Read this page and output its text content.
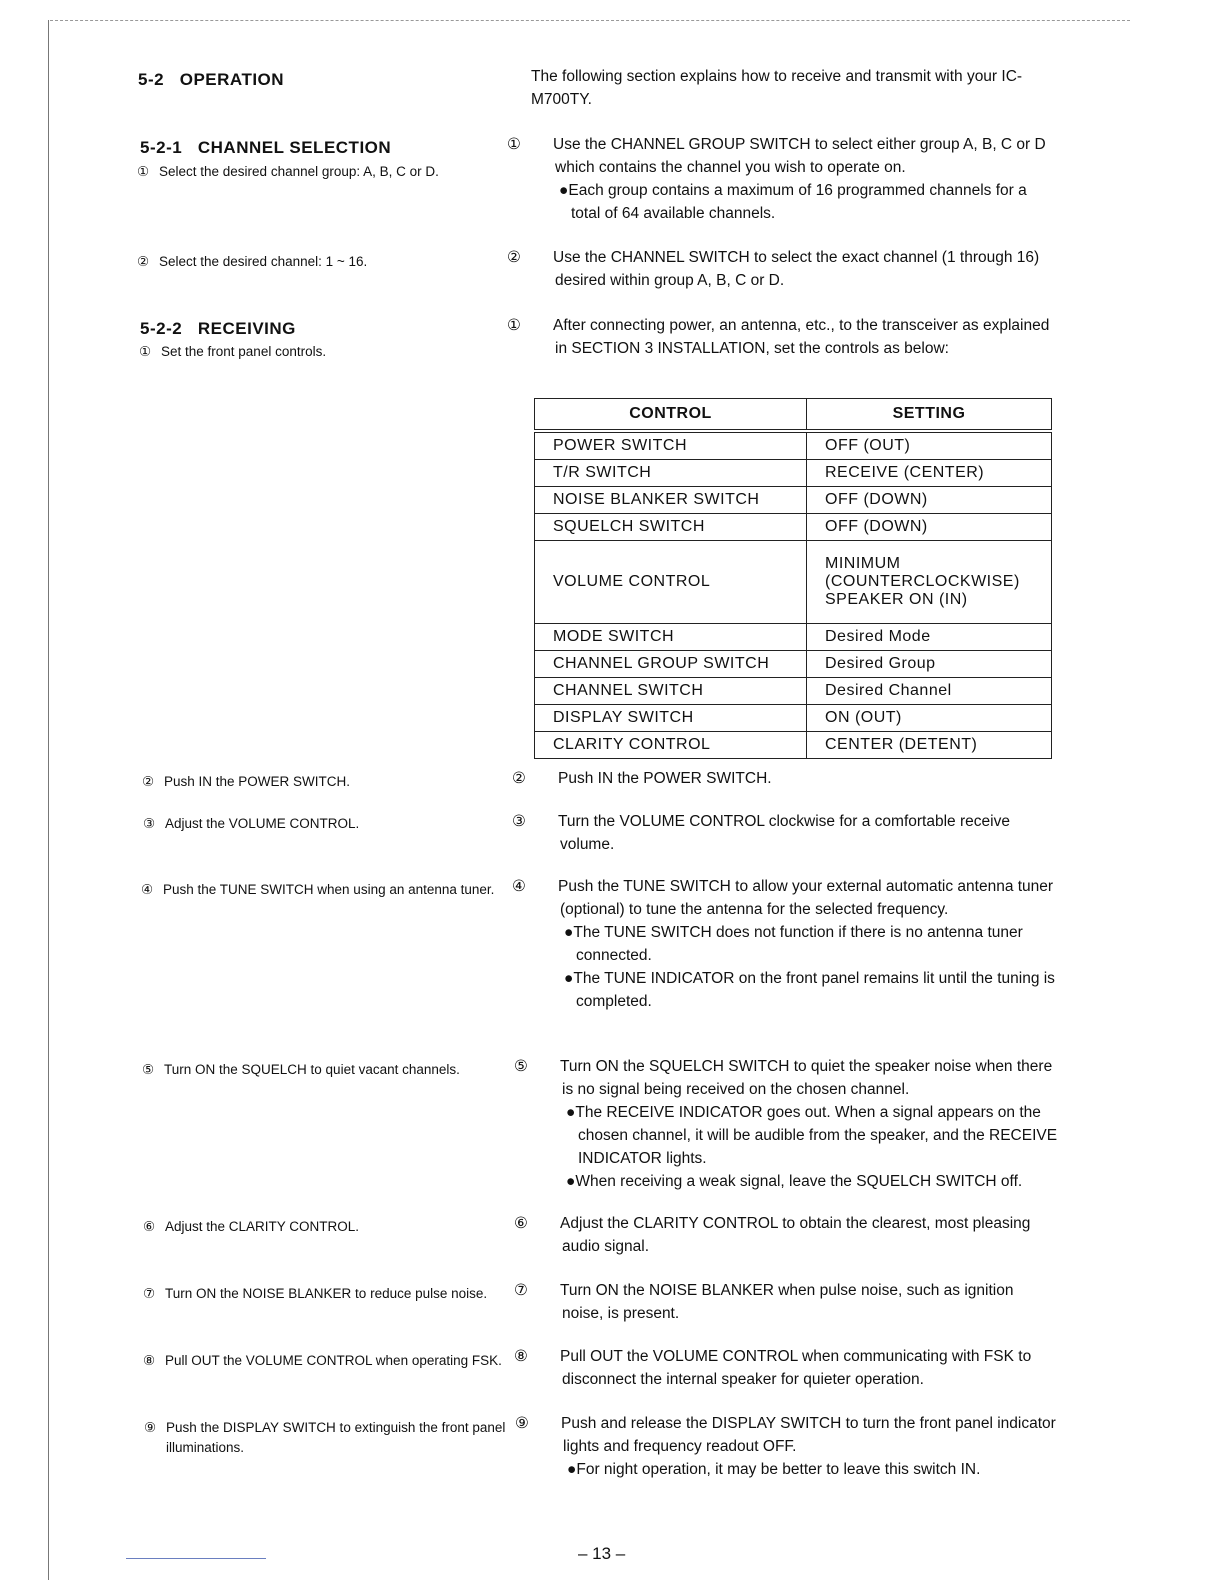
5-2 OPERATION	The following section explains how to receive and transmit with your IC-M700TY.
5-2-1 CHANNEL SELECTION
① Select the desired channel group: A, B, C or D.
② Select the desired channel: 1 ~ 16.
① Use the CHANNEL GROUP SWITCH to select either group A, B, C or D which contains the channel you wish to operate on.
●Each group contains a maximum of 16 programmed channels for a total of 64 available channels.
② Use the CHANNEL SWITCH to select the exact channel (1 through 16) desired within group A, B, C or D.
5-2-2 RECEIVING
① Set the front panel controls.
① After connecting power, an antenna, etc., to the transceiver as explained in SECTION 3 INSTALLATION, set the controls as below:
CONTROL	SETTING
POWER SWITCH	OFF (OUT)
T/R SWITCH	RECEIVE (CENTER)
NOISE BLANKER SWITCH	OFF (DOWN)
SQUELCH SWITCH	OFF (DOWN)
VOLUME CONTROL	MINIMUM (COUNTERCLOCKWISE) SPEAKER ON (IN)
MODE SWITCH	Desired Mode
CHANNEL GROUP SWITCH	Desired Group
CHANNEL SWITCH	Desired Channel
DISPLAY SWITCH	ON (OUT)
CLARITY CONTROL	CENTER (DETENT)
② Push IN the POWER SWITCH.
③ Adjust the VOLUME CONTROL.
④ Push the TUNE SWITCH when using an antenna tuner.
⑤ Turn ON the SQUELCH to quiet vacant channels.
⑥ Adjust the CLARITY CONTROL.
⑦ Turn ON the NOISE BLANKER to reduce pulse noise.
⑧ Pull OUT the VOLUME CONTROL when operating FSK.
⑨ Push the DISPLAY SWITCH to extinguish the front panel illuminations.
② Push IN the POWER SWITCH.
③ Turn the VOLUME CONTROL clockwise for a comfortable receive volume.
④ Push the TUNE SWITCH to allow your external automatic antenna tuner (optional) to tune the antenna for the selected frequency.
●The TUNE SWITCH does not function if there is no antenna tuner connected.
●The TUNE INDICATOR on the front panel remains lit until the tuning is completed.
⑤ Turn ON the SQUELCH SWITCH to quiet the speaker noise when there is no signal being received on the chosen channel.
●The RECEIVE INDICATOR goes out. When a signal appears on the chosen channel, it will be audible from the speaker, and the RECEIVE INDICATOR lights.
●When receiving a weak signal, leave the SQUELCH SWITCH off.
⑥ Adjust the CLARITY CONTROL to obtain the clearest, most pleasing audio signal.
⑦ Turn ON the NOISE BLANKER when pulse noise, such as ignition noise, is present.
⑧ Pull OUT the VOLUME CONTROL when communicating with FSK to disconnect the internal speaker for quieter operation.
⑨ Push and release the DISPLAY SWITCH to turn the front panel indicator lights and frequency readout OFF.
●For night operation, it may be better to leave this switch IN.
– 13 –
